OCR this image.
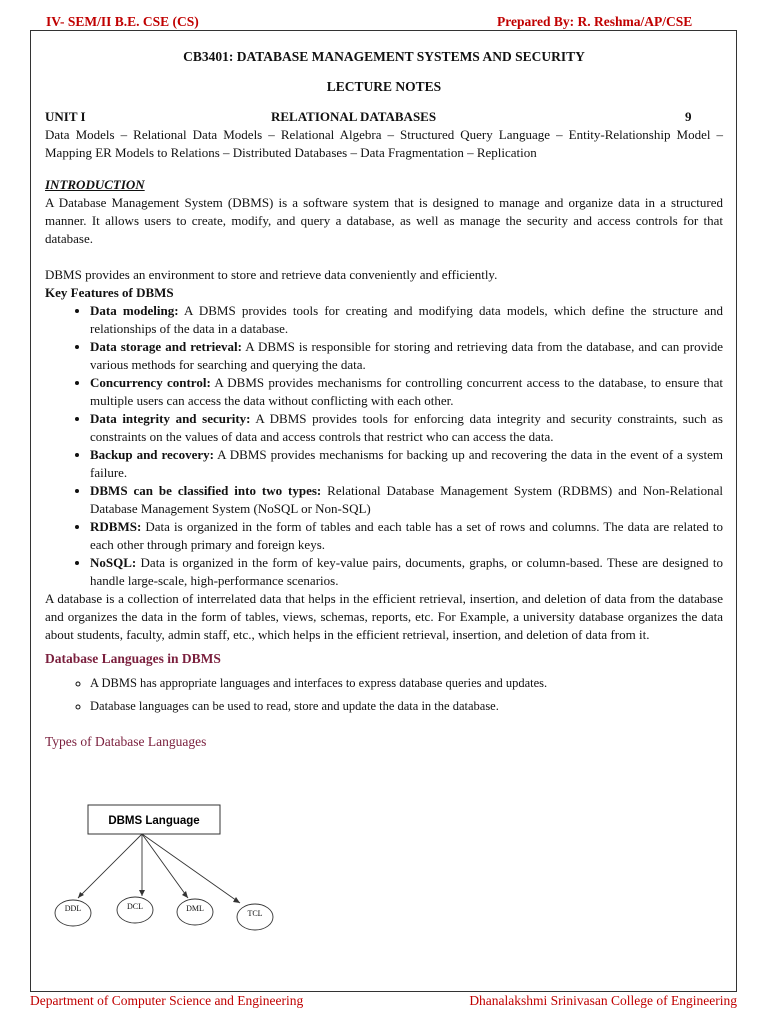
IV- SEM/II B.E. CSE (CS)	Prepared By: R. Reshma/AP/CSE
CB3401: DATABASE MANAGEMENT SYSTEMS AND SECURITY
LECTURE NOTES
UNIT I	RELATIONAL DATABASES	9

Data Models – Relational Data Models – Relational Algebra – Structured Query Language – Entity-Relationship Model – Mapping ER Models to Relations – Distributed Databases – Data Fragmentation – Replication

INTRODUCTION

A Database Management System (DBMS) is a software system that is designed to manage and organize data in a structured manner. It allows users to create, modify, and query a database, as well as manage the security and access controls for that database.

DBMS provides an environment to store and retrieve data conveniently and efficiently.

Key Features of DBMS
• Data modeling: A DBMS provides tools for creating and modifying data models, which define the structure and relationships of the data in a database.
• Data storage and retrieval: A DBMS is responsible for storing and retrieving data from the database, and can provide various methods for searching and querying the data.
• Concurrency control: A DBMS provides mechanisms for controlling concurrent access to the database, to ensure that multiple users can access the data without conflicting with each other.
• Data integrity and security: A DBMS provides tools for enforcing data integrity and security constraints, such as constraints on the values of data and access controls that restrict who can access the data.
• Backup and recovery: A DBMS provides mechanisms for backing up and recovering the data in the event of a system failure.
• DBMS can be classified into two types: Relational Database Management System (RDBMS) and Non-Relational Database Management System (NoSQL or Non-SQL)
• RDBMS: Data is organized in the form of tables and each table has a set of rows and columns. The data are related to each other through primary and foreign keys.
• NoSQL: Data is organized in the form of key-value pairs, documents, graphs, or column-based. These are designed to handle large-scale, high-performance scenarios.

A database is a collection of interrelated data that helps in the efficient retrieval, insertion, and deletion of data from the database and organizes the data in the form of tables, views, schemas, reports, etc. For Example, a university database organizes the data about students, faculty, admin staff, etc., which helps in the efficient retrieval, insertion, and deletion of data from it.

Database Languages in DBMS
◦ A DBMS has appropriate languages and interfaces to express database queries and updates.
◦ Database languages can be used to read, store and update the data in the database.
Types of Database Languages
DBMS Language
DDL	DCL	DML
TCL
Department of Computer Science and Engineering	Dhanalakshmi Srinivasan College of Engineering
